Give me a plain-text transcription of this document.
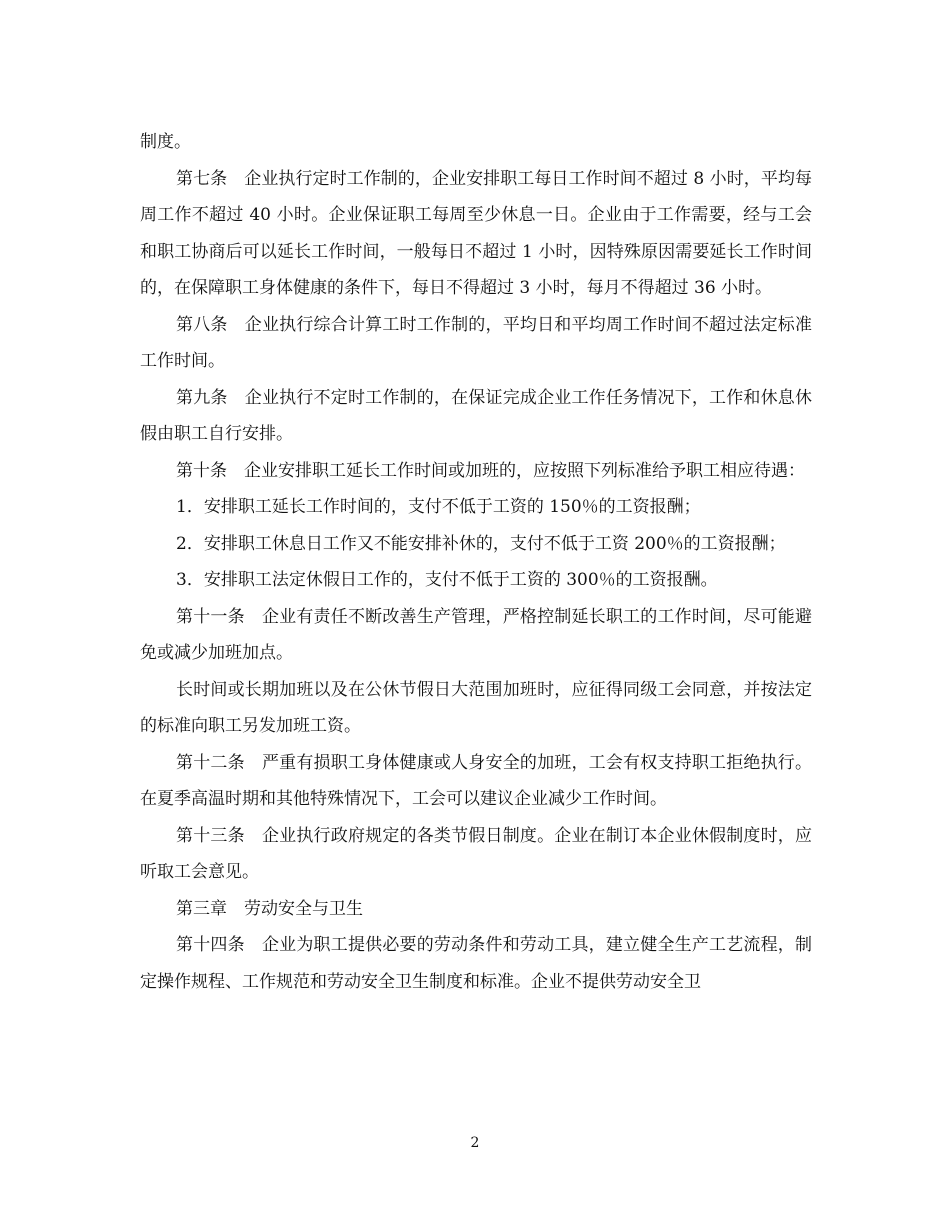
制度。

第七条　企业执行定时工作制的，企业安排职工每日工作时间不超过 8 小时，平均每周工作不超过 40 小时。企业保证职工每周至少休息一日。企业由于工作需要，经与工会和职工协商后可以延长工作时间，一般每日不超过 1 小时，因特殊原因需要延长工作时间的，在保障职工身体健康的条件下，每日不得超过 3 小时，每月不得超过 36 小时。

第八条　企业执行综合计算工时工作制的，平均日和平均周工作时间不超过法定标准工作时间。

第九条　企业执行不定时工作制的，在保证完成企业工作任务情况下，工作和休息休假由职工自行安排。

第十条　企业安排职工延长工作时间或加班的，应按照下列标准给予职工相应待遇：

1．安排职工延长工作时间的，支付不低于工资的 150％的工资报酬；

2．安排职工休息日工作又不能安排补休的，支付不低于工资 200％的工资报酬；

3．安排职工法定休假日工作的，支付不低于工资的 300％的工资报酬。

第十一条　企业有责任不断改善生产管理，严格控制延长职工的工作时间，尽可能避免或减少加班加点。

长时间或长期加班以及在公休节假日大范围加班时，应征得同级工会同意，并按法定的标准向职工另发加班工资。

第十二条　严重有损职工身体健康或人身安全的加班，工会有权支持职工拒绝执行。在夏季高温时期和其他特殊情况下，工会可以建议企业减少工作时间。

第十三条　企业执行政府规定的各类节假日制度。企业在制订本企业休假制度时，应听取工会意见。

第三章　劳动安全与卫生

第十四条　企业为职工提供必要的劳动条件和劳动工具，建立健全生产工艺流程，制定操作规程、工作规范和劳动安全卫生制度和标准。企业不提供劳动安全卫

2
